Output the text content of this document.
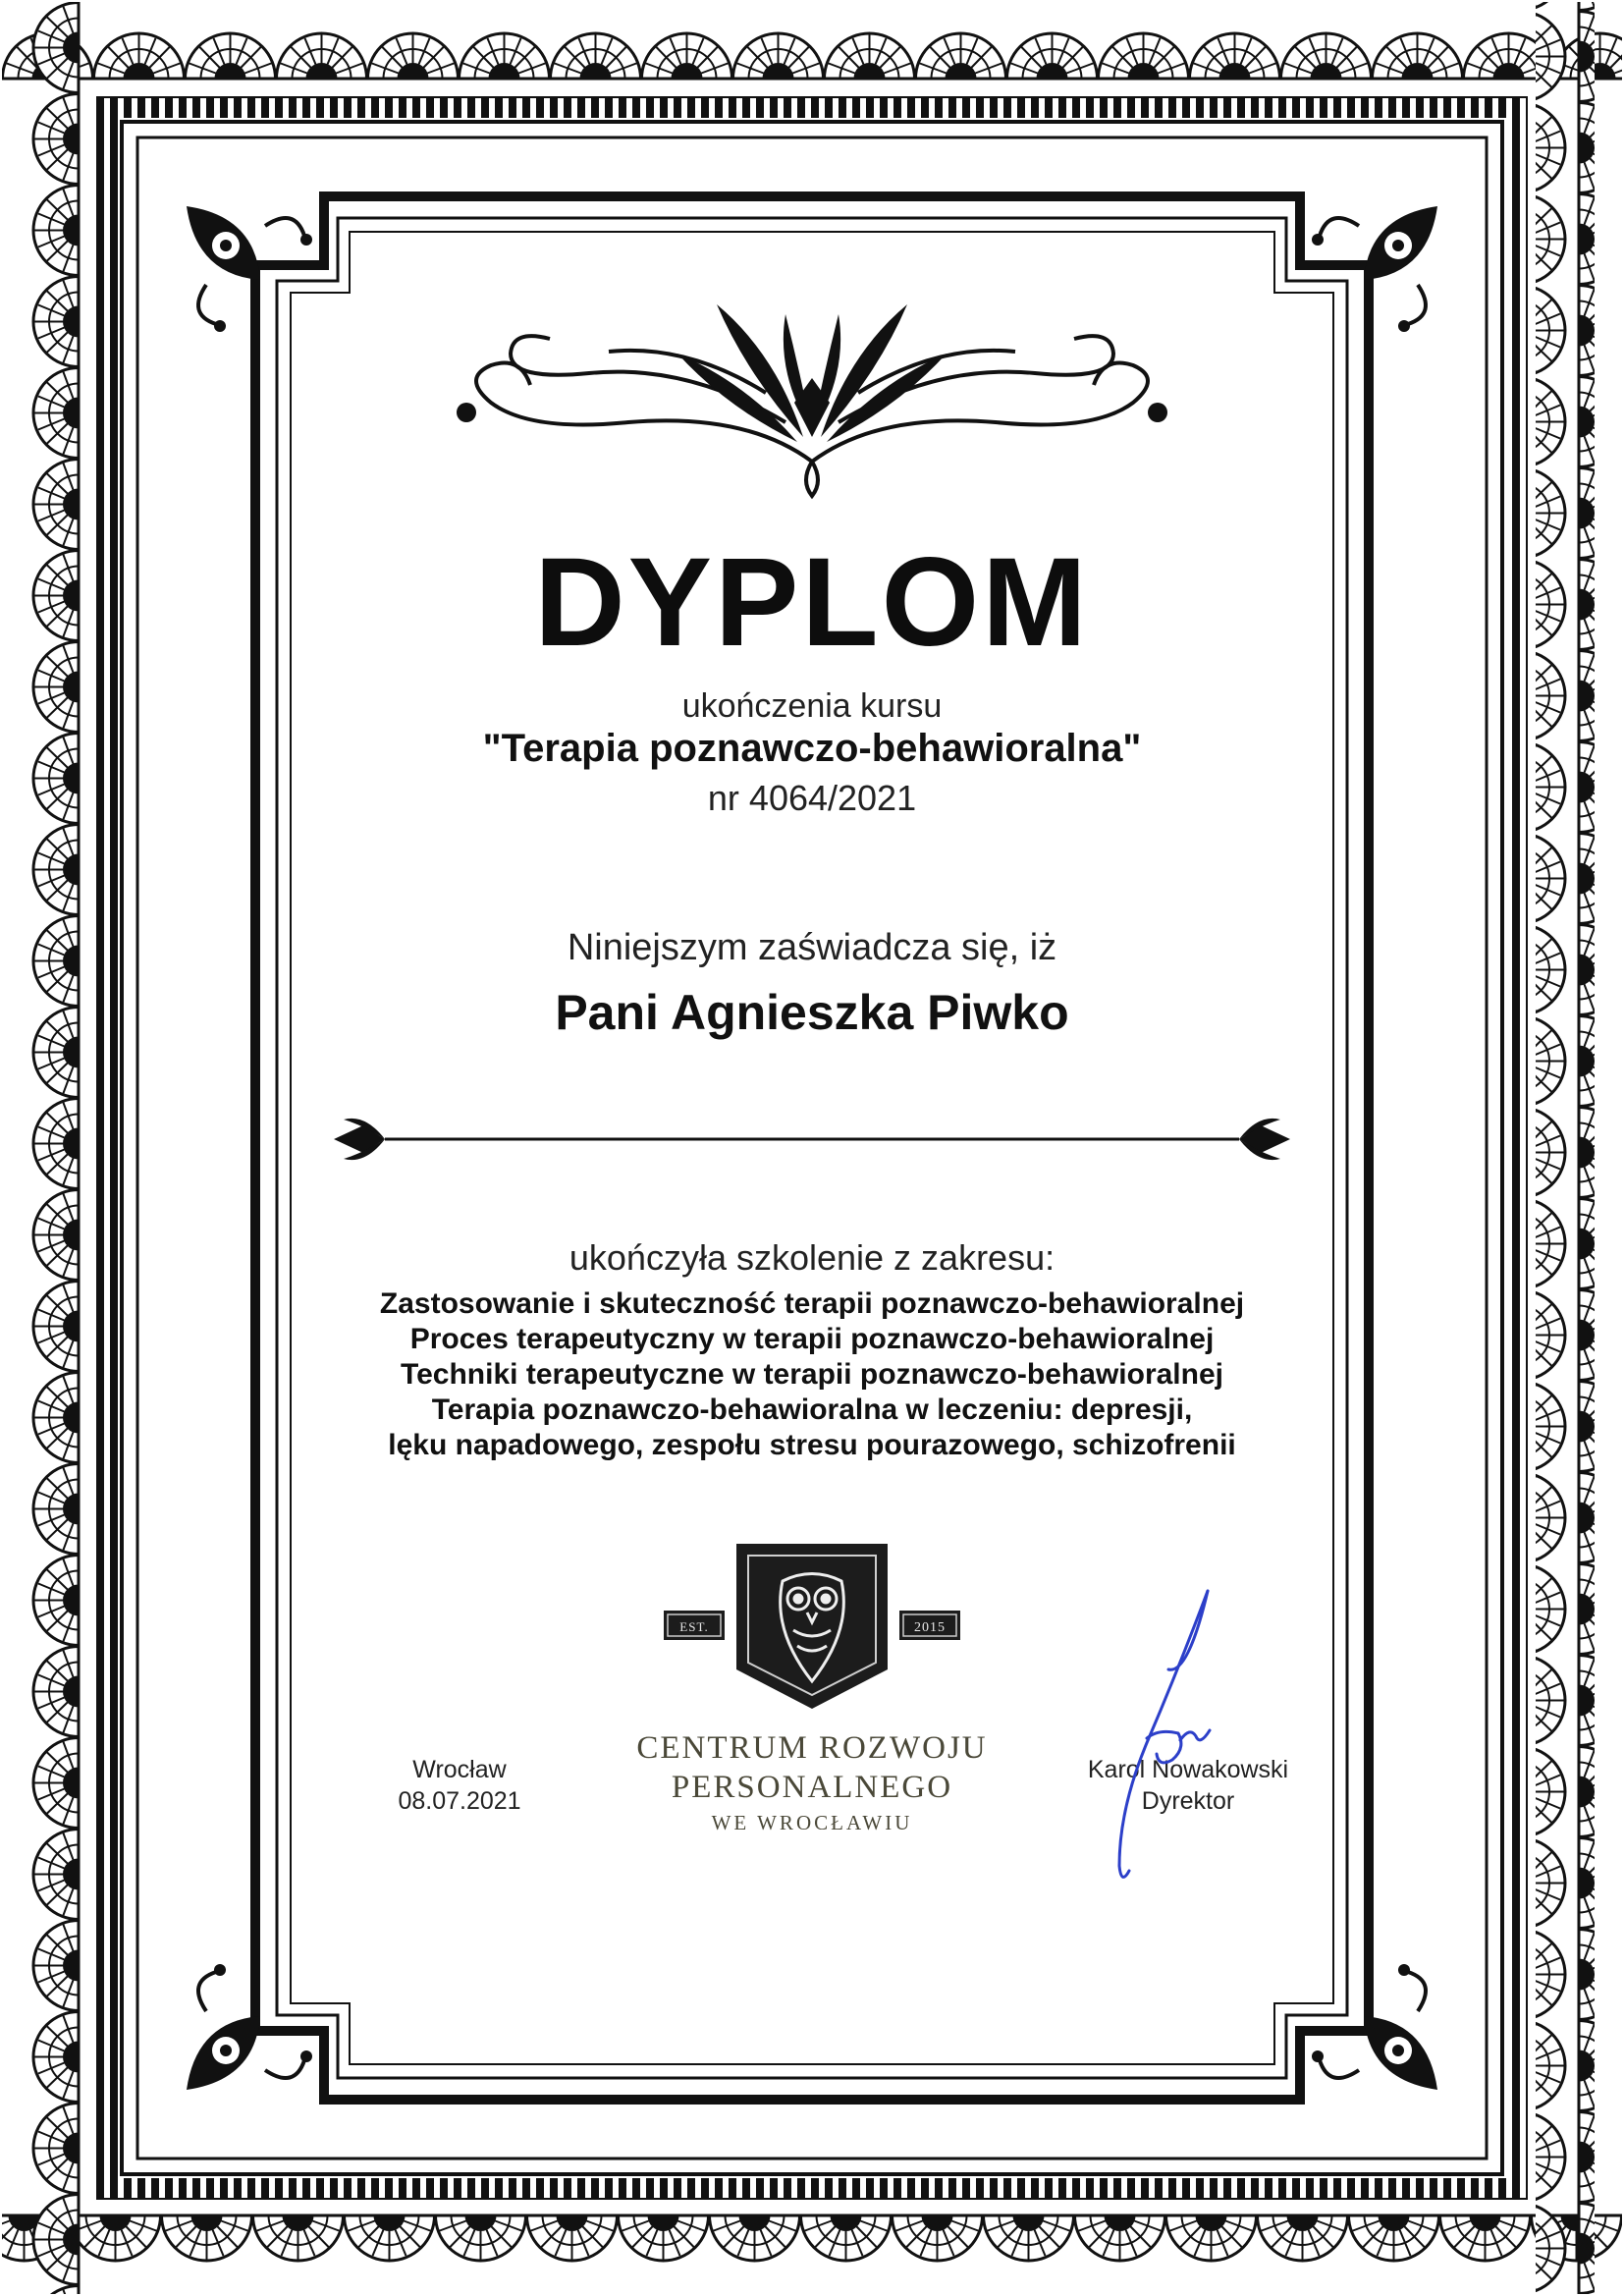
DYPLOM
ukończenia kursu
"Terapia poznawczo-behawioralna"
nr 4064/2021
Niniejszym zaświadcza się, iż
Pani Agnieszka Piwko
ukończyła szkolenie z zakresu:
Zastosowanie i skuteczność terapii poznawczo-behawioralnej
Proces terapeutyczny w terapii poznawczo-behawioralnej
Techniki terapeutyczne w terapii poznawczo-behawioralnej
Terapia poznawczo-behawioralna w leczeniu: depresji,
lęku napadowego, zespołu stresu pourazowego, schizofrenii
EST.	2015
CENTRUM ROZWOJU
PERSONALNEGO
WE WROCŁAWIU
Wrocław
08.07.2021
Karol Nowakowski
Dyrektor
